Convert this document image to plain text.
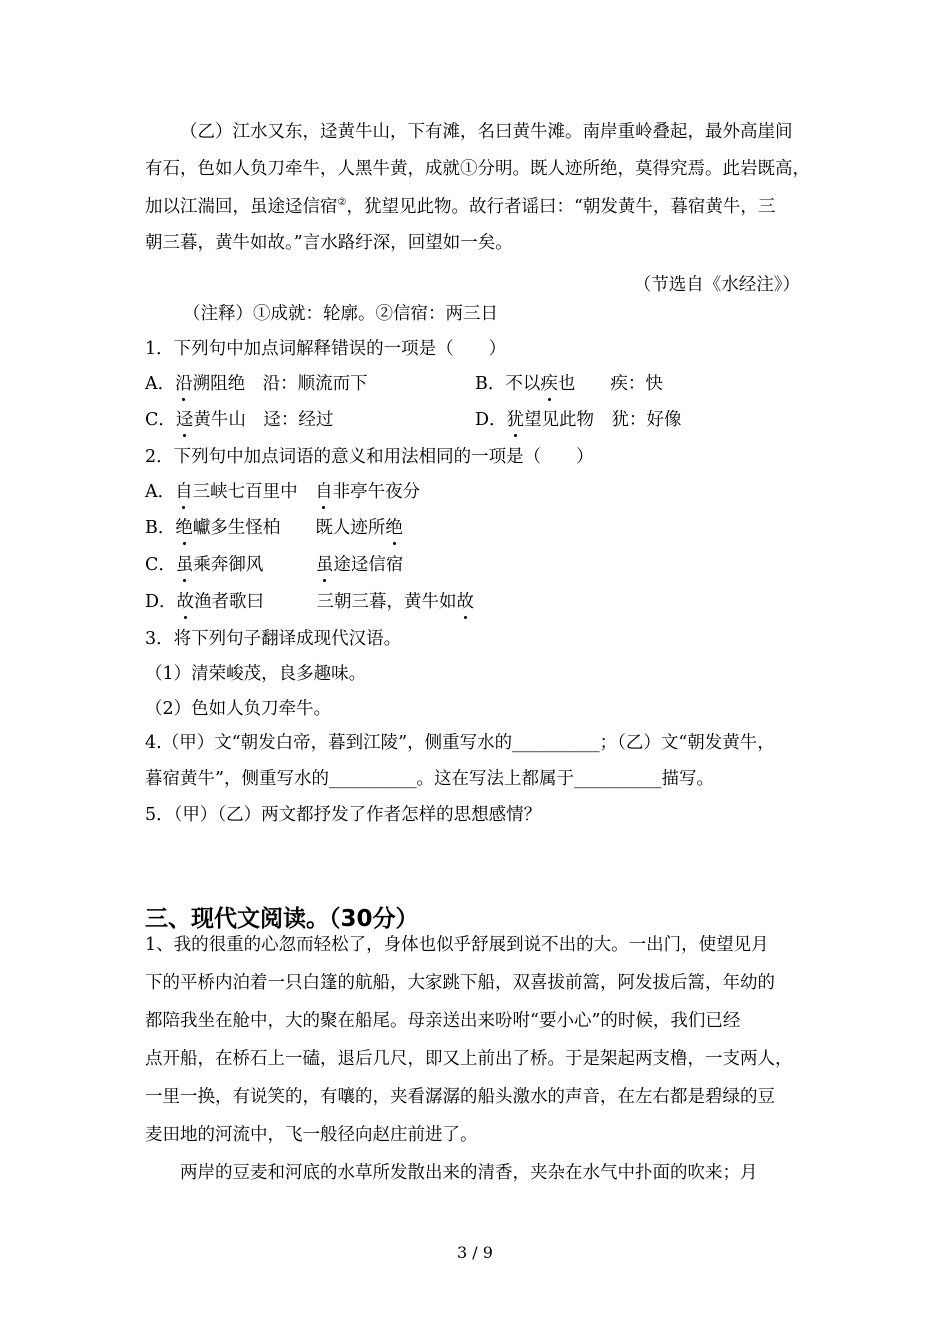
（乙）江水又东，迳黄牛山，下有滩，名曰黄牛滩。南岸重岭叠起，最外高崖间
有石，色如人负刀牵牛，人黑牛黄，成就①分明。既人迹所绝，莫得究焉。此岩既高，
加以江湍回，虽途迳信宿②，犹望见此物。故行者谣曰：“朝发黄牛，暮宿黄牛，三
朝三暮，黄牛如故。”言水路纡深，回望如一矣。
（节选自《水经注》）
（注释）①成就：轮廓。②信宿：两三日
1．下列句中加点词解释错误的一项是（　　）
A．沿溯阻绝　沿：顺流而下	B．不以疾也　　疾：快
C．迳黄牛山　迳：经过	D．犹望见此物　犹：好像
2．下列句中加点词语的意义和用法相同的一项是（　　）
A．自三峡七百里中　自非亭午夜分
B．绝巘多生怪柏　　既人迹所绝
C．虽乘奔御风　　　虽途迳信宿
D．故渔者歌曰　　　三朝三暮，黄牛如故
3．将下列句子翻译成现代汉语。
（1）清荣峻茂，良多趣味。
（2）色如人负刀牵牛。
4.（甲）文“朝发白帝，暮到江陵”，侧重写水的__________；（乙）文“朝发黄牛，
暮宿黄牛”，侧重写水的__________。这在写法上都属于__________描写。
5．（甲）（乙）两文都抒发了作者怎样的思想感情？
三、现代文阅读。（30分）
1、我的很重的心忽而轻松了，身体也似乎舒展到说不出的大。一出门，使望见月
下的平桥内泊着一只白篷的航船，大家跳下船，双喜拔前篙，阿发拔后篙，年幼的
都陪我坐在舱中，大的聚在船尾。母亲送出来吩咐“要小心”的时候，我们已经
点开船，在桥石上一磕，退后几尺，即又上前出了桥。于是架起两支橹，一支两人，
一里一换，有说笑的，有嚷的，夹看潺潺的船头激水的声音，在左右都是碧绿的豆
麦田地的河流中，飞一般径向赵庄前进了。
　　两岸的豆麦和河底的水草所发散出来的清香，夹杂在水气中扑面的吹来；月
3 / 9
